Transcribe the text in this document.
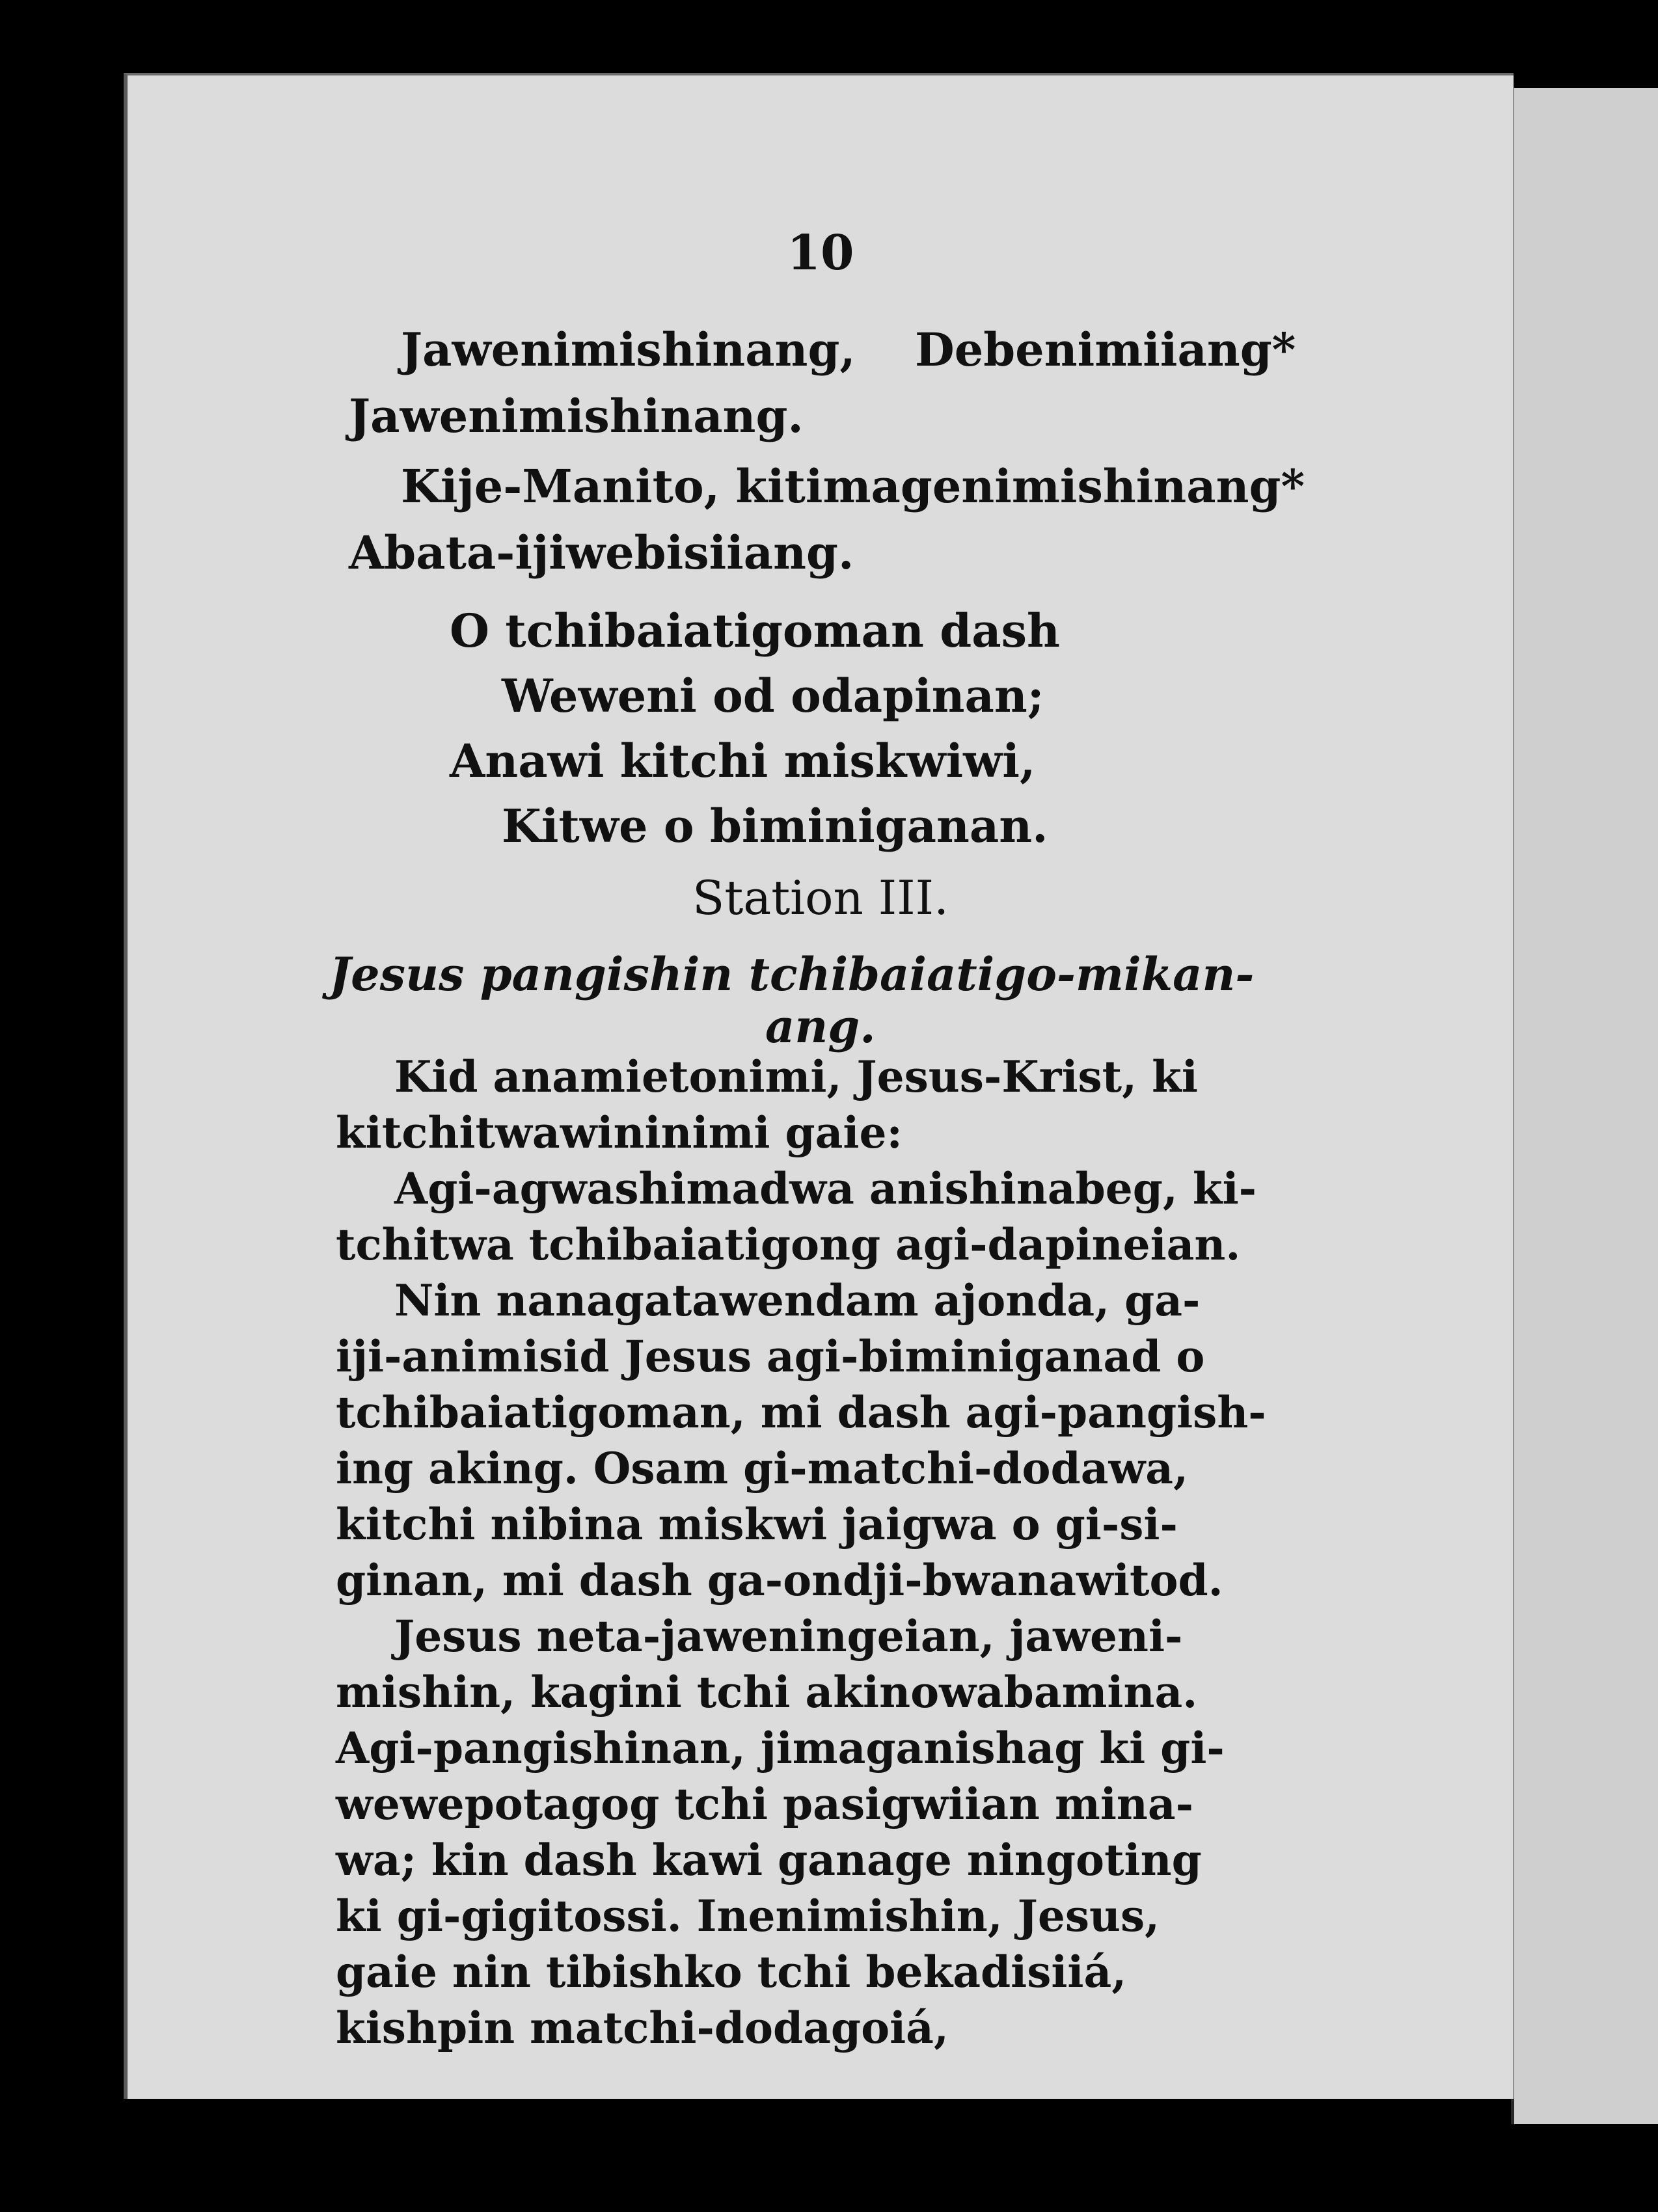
10
Jawenimishinang, Debenimiiang*
Jawenimishinang.
Kije-Manito, kitimagenimishinang*
Abata-ijiwebisiiang.
O tchibaiatigoman dash
Weweni od odapinan;
Anawi kitchi miskwiwi,
Kitwe o biminiganan.
Station III.
Jesus pangishin tchibaiatigo-mikan-
ang.
Kid anamietonimi, Jesus-Krist, ki
kitchitwawininimi gaie:
Agi-agwashimadwa anishinabeg, ki-
tchitwa tchibaiatigong agi-dapineian.
Nin nanagatawendam ajonda, ga-
iji-animisid Jesus agi-biminiganad o
tchibaiatigoman, mi dash agi-pangish-
ing aking. Osam gi-matchi-dodawa,
kitchi nibina miskwi jaigwa o gi-si-
ginan, mi dash ga-ondji-bwanawitod.
Jesus neta-jaweningeian, jaweni-
mishin, kagini tchi akinowabamina.
Agi-pangishinan, jimaganishag ki gi-
wewepotagog tchi pasigwiian mina-
wa; kin dash kawi ganage ningoting
ki gi-gigitossi. Inenimishin, Jesus,
gaie nin tibishko tchi bekadisiiá,
kishpin matchi-dodagoiá,
